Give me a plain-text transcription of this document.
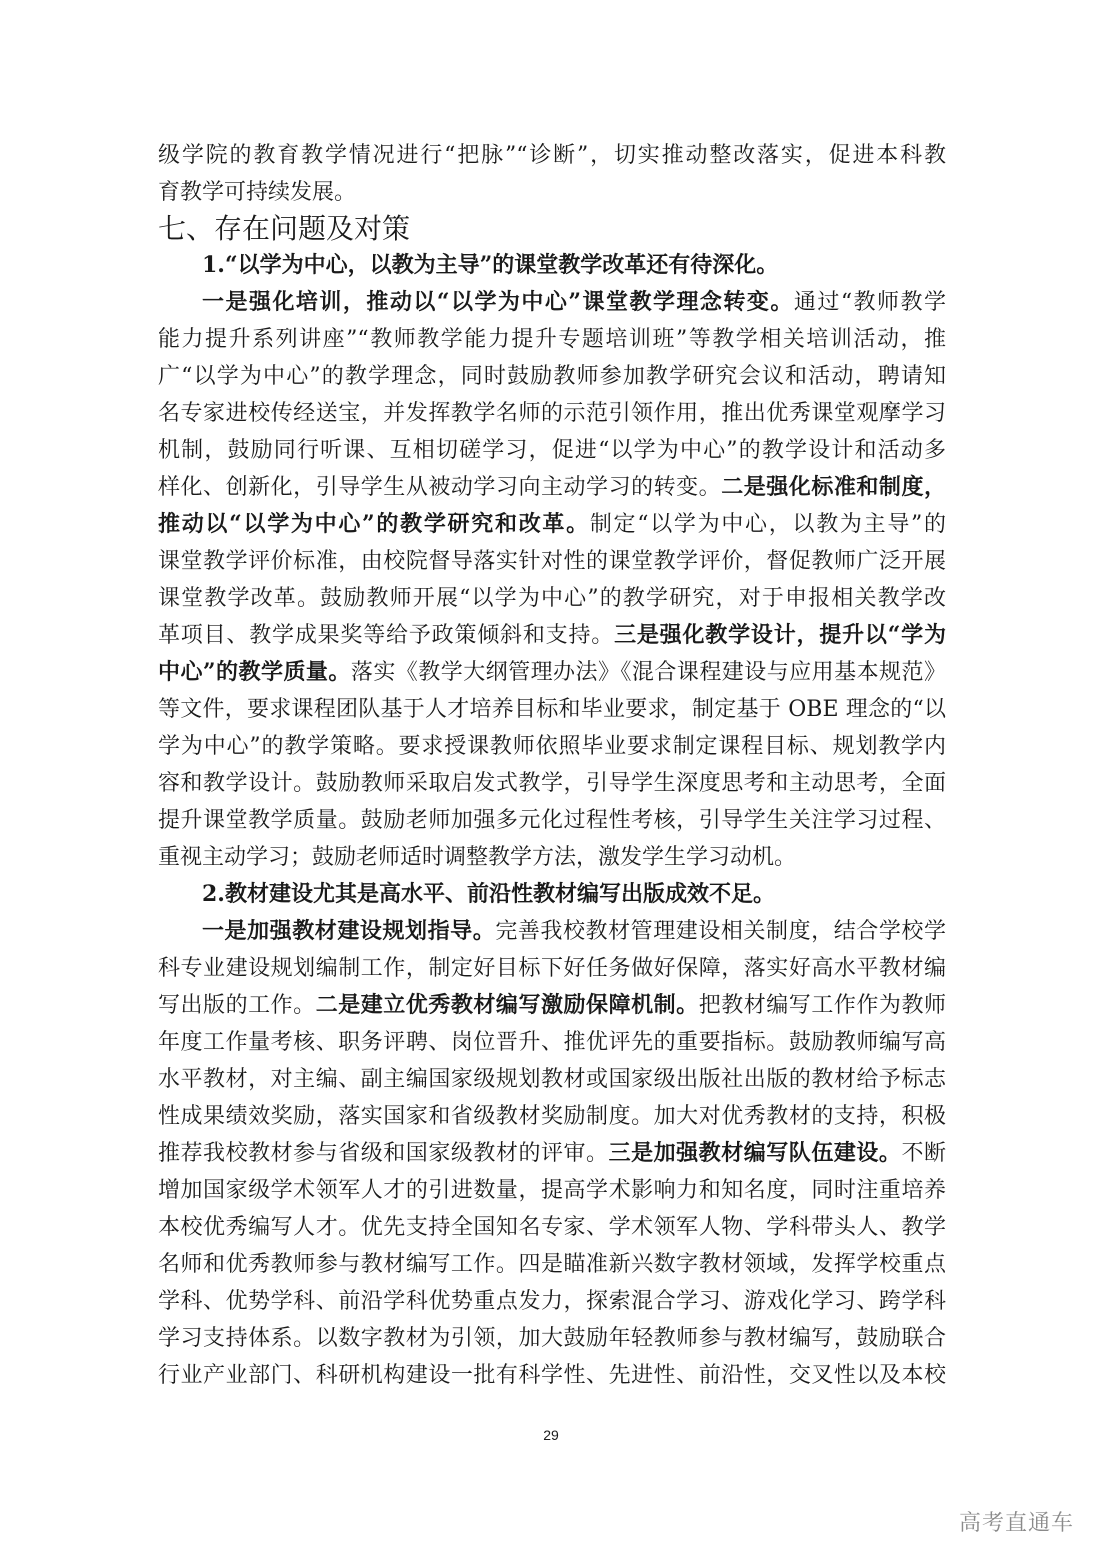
级学院的教育教学情况进行“把脉”“诊断”，切实推动整改落实，促进本科教
育教学可持续发展。
七、存在问题及对策
1.“以学为中心，以教为主导”的课堂教学改革还有待深化。
一是强化培训，推动以“以学为中心”课堂教学理念转变。通过“教师教学
能力提升系列讲座”“教师教学能力提升专题培训班”等教学相关培训活动，推
广“以学为中心”的教学理念，同时鼓励教师参加教学研究会议和活动，聘请知
名专家进校传经送宝，并发挥教学名师的示范引领作用，推出优秀课堂观摩学习
机制，鼓励同行听课、互相切磋学习，促进“以学为中心”的教学设计和活动多
样化、创新化，引导学生从被动学习向主动学习的转变。二是强化标准和制度，
推动以“以学为中心”的教学研究和改革。制定“以学为中心，以教为主导”的
课堂教学评价标准，由校院督导落实针对性的课堂教学评价，督促教师广泛开展
课堂教学改革。鼓励教师开展“以学为中心”的教学研究，对于申报相关教学改
革项目、教学成果奖等给予政策倾斜和支持。三是强化教学设计，提升以“学为
中心”的教学质量。落实《教学大纲管理办法》《混合课程建设与应用基本规范》
等文件，要求课程团队基于人才培养目标和毕业要求，制定基于 OBE 理念的“以
学为中心”的教学策略。要求授课教师依照毕业要求制定课程目标、规划教学内
容和教学设计。鼓励教师采取启发式教学，引导学生深度思考和主动思考，全面
提升课堂教学质量。鼓励老师加强多元化过程性考核，引导学生关注学习过程、
重视主动学习；鼓励老师适时调整教学方法，激发学生学习动机。
2.教材建设尤其是高水平、前沿性教材编写出版成效不足。
一是加强教材建设规划指导。完善我校教材管理建设相关制度，结合学校学
科专业建设规划编制工作，制定好目标下好任务做好保障，落实好高水平教材编
写出版的工作。二是建立优秀教材编写激励保障机制。把教材编写工作作为教师
年度工作量考核、职务评聘、岗位晋升、推优评先的重要指标。鼓励教师编写高
水平教材，对主编、副主编国家级规划教材或国家级出版社出版的教材给予标志
性成果绩效奖励，落实国家和省级教材奖励制度。加大对优秀教材的支持，积极
推荐我校教材参与省级和国家级教材的评审。三是加强教材编写队伍建设。不断
增加国家级学术领军人才的引进数量，提高学术影响力和知名度，同时注重培养
本校优秀编写人才。优先支持全国知名专家、学术领军人物、学科带头人、教学
名师和优秀教师参与教材编写工作。四是瞄准新兴数字教材领域，发挥学校重点
学科、优势学科、前沿学科优势重点发力，探索混合学习、游戏化学习、跨学科
学习支持体系。以数字教材为引领，加大鼓励年轻教师参与教材编写，鼓励联合
行业产业部门、科研机构建设一批有科学性、先进性、前沿性，交叉性以及本校
29
高考直通车
